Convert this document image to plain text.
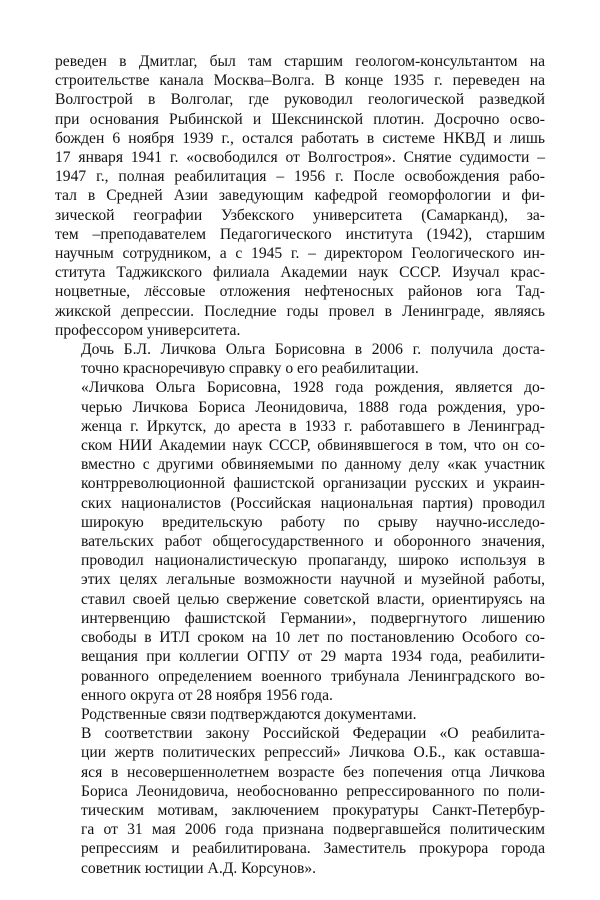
реведен в Дмитлаг, был там старшим геологом-консультантом на
строительстве канала Москва–Волга. В конце 1935 г. переведен на
Волгострой в Волголаг, где руководил геологической разведкой
при основания Рыбинской и Шекснинской плотин. Досрочно осво-
божден 6 ноября 1939 г., остался работать в системе НКВД и лишь
17 января 1941 г. «освободился от Волгостроя». Снятие судимости –
1947 г., полная реабилитация – 1956 г. После освобождения рабо-
тал в Средней Азии заведующим кафедрой геоморфологии и фи-
зической географии Узбекского университета (Самарканд), за-
тем –преподавателем Педагогического института (1942), старшим
научным сотрудником, а с 1945 г. – директором Геологического ин-
ститута Таджикского филиала Академии наук СССР. Изучал крас-
ноцветные, лёссовые отложения нефтеносных районов юга Тад-
жикской депрессии. Последние годы провел в Ленинграде, являясь
профессором университета.
Дочь Б.Л. Личкова Ольга Борисовна в 2006 г. получила доста-
точно красноречивую справку о его реабилитации.
«Личкова Ольга Борисовна, 1928 года рождения, является до-
черью Личкова Бориса Леонидовича, 1888 года рождения, уро-
женца г. Иркутск, до ареста в 1933 г. работавшего в Ленинград-
ском НИИ Академии наук СССР, обвинявшегося в том, что он со-
вместно с другими обвиняемыми по данному делу «как участник
контрреволюционной фашистской организации русских и украин-
ских националистов (Российская национальная партия) проводил
широкую вредительскую работу по срыву научно-исследо-
вательских работ общегосударственного и оборонного значения,
проводил националистическую пропаганду, широко используя в
этих целях легальные возможности научной и музейной работы,
ставил своей целью свержение советской власти, ориентируясь на
интервенцию фашистской Германии», подвергнутого лишению
свободы в ИТЛ сроком на 10 лет по постановлению Особого со-
вещания при коллегии ОГПУ от 29 марта 1934 года, реабилити-
рованного определением военного трибунала Ленинградского во-
енного округа от 28 ноября 1956 года.
Родственные связи подтверждаются документами.
В соответствии закону Российской Федерации «О реабилита-
ции жертв политических репрессий» Личкова О.Б., как оставша-
яся в несовершеннолетнем возрасте без попечения отца Личкова
Бориса Леонидовича, необоснованно репрессированного по поли-
тическим мотивам, заключением прокуратуры Санкт-Петербур-
га от 31 мая 2006 года признана подвергавшейся политическим
репрессиям и реабилитирована. Заместитель прокурора города
советник юстиции А.Д. Корсунов».
